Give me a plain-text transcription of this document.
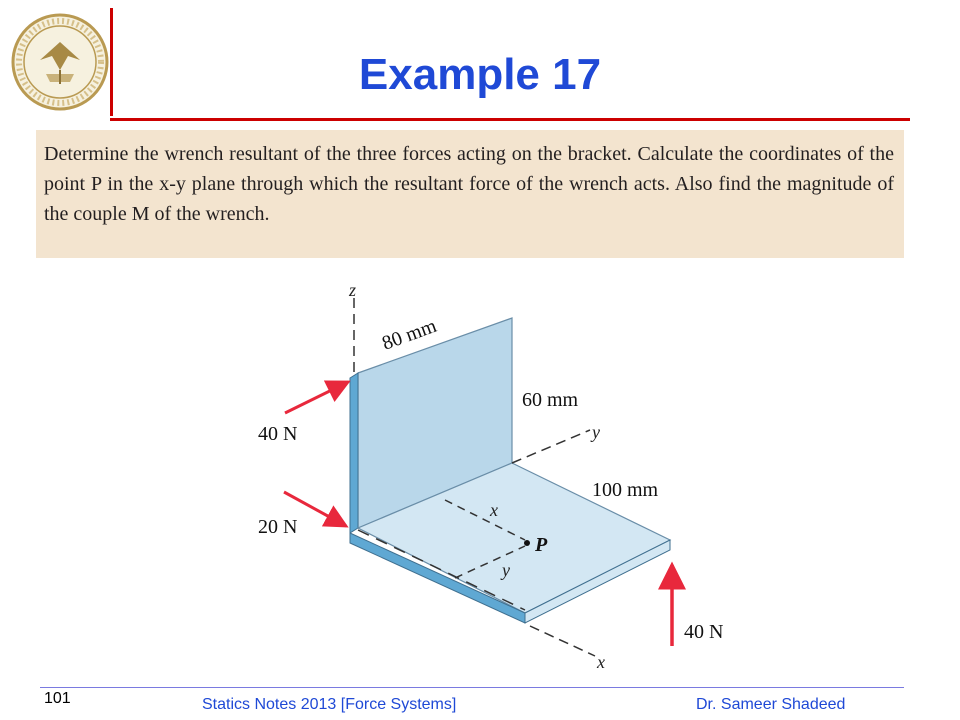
Example 17

Determine the wrench resultant of the three forces acting on the bracket. Calculate the coordinates of the point P in the x-y plane through which the resultant force of the wrench acts. Also find the magnitude of the couple M of the wrench.

z
y
x
y
x
P
80 mm
60 mm
100 mm
40 N
20 N
40 N
101	Statics Notes 2013 [Force Systems]	Dr. Sameer Shadeed
